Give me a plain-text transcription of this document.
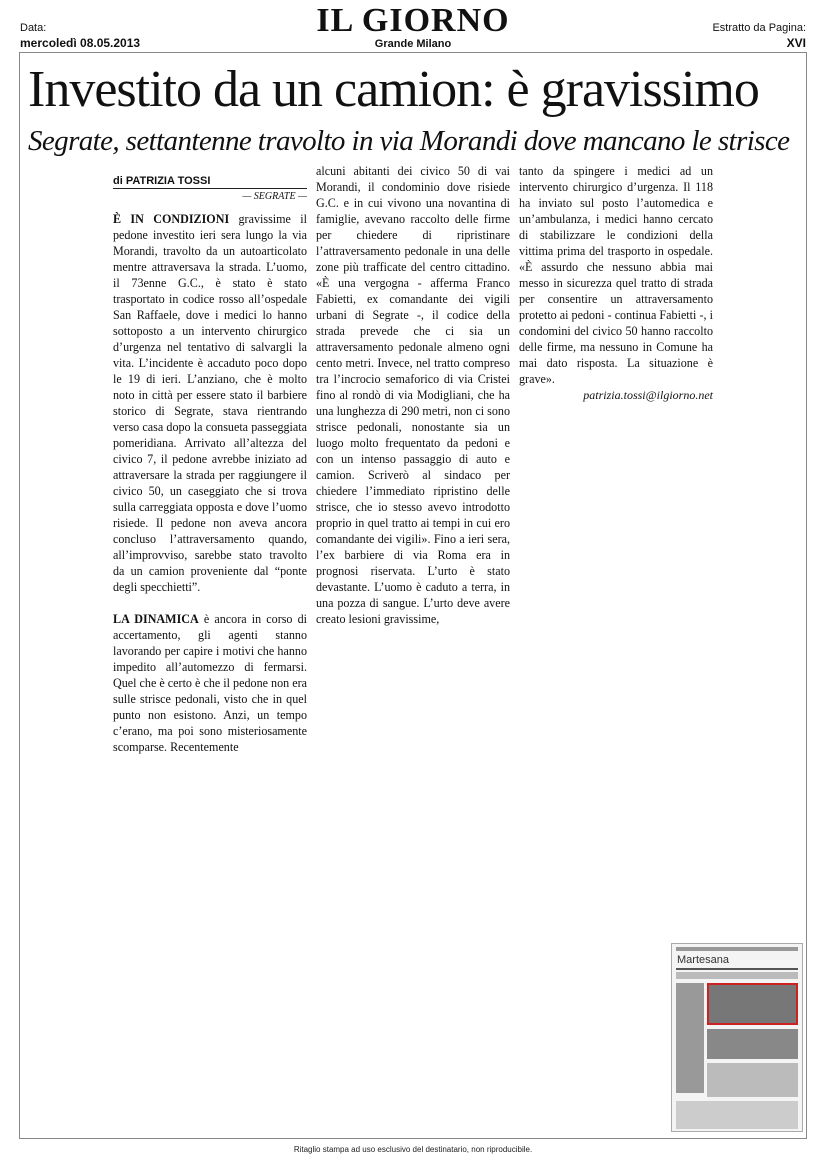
Data:
mercoledì 08.05.2013
IL GIORNO
Grande Milano
Estratto da Pagina:
XVI
Investito da un camion: è gravissimo
Segrate, settantenne travolto in via Morandi dove mancano le strisce
di PATRIZIA TOSSI
— SEGRATE —

È IN CONDIZIONI gravissime il pedone investito ieri sera lungo la via Morandi, travolto da un autoarticolato mentre attraversava la strada. L’uomo, il 73enne G.C., è stato è stato trasportato in codice rosso all’ospedale San Raffaele, dove i medici lo hanno sottoposto a un intervento chirurgico d’urgenza nel tentativo di salvargli la vita. L’incidente è accaduto poco dopo le 19 di ieri. L’anziano, che è molto noto in città per essere stato il barbiere storico di Segrate, stava rientrando verso casa dopo la consueta passeggiata pomeridiana. Arrivato all’altezza del civico 7, il pedone avrebbe iniziato ad attraversare la strada per raggiungere il civico 50, un caseggiato che si trova sulla carreggiata opposta e dove l’uomo risiede. Il pedone non aveva ancora concluso l’attraversamento quando, all’improvviso, sarebbe stato travolto da un camion proveniente dal “ponte degli specchietti”.

LA DINAMICA è ancora in corso di accertamento, gli agenti stanno lavorando per capire i motivi che hanno impedito all’automezzo di fermarsi. Quel che è certo è che il pedone non era sulle strisce pedonali, visto che in quel punto non esistono. Anzi, un tempo c’erano, ma poi sono misteriosamente scomparse. Recentemente

alcuni abitanti dei civico 50 di vai Morandi, il condominio dove risiede G.C. e in cui vivono una novantina di famiglie, avevano raccolto delle firme per chiedere di ripristinare l’attraversamento pedonale in una delle zone più trafficate del centro cittadino. «È una vergogna - afferma Franco Fabietti, ex comandante dei vigili urbani di Segrate -, il codice della strada prevede che ci sia un attraversamento pedonale almeno ogni cento metri. Invece, nel tratto compreso tra l’incrocio semaforico di via Cristei fino al rondò di via Modigliani, che ha una lunghezza di 290 metri, non ci sono strisce pedonali, nonostante sia un luogo molto frequentato da pedoni e con un intenso passaggio di auto e camion. Scriverò al sindaco per chiedere l’immediato ripristino delle strisce, che io stesso avevo introdotto proprio in quel tratto ai tempi in cui ero comandante dei vigili». Fino a ieri sera, l’ex barbiere di via Roma era in prognosi riservata. L’urto è stato devastante. L’uomo è caduto a terra, in una pozza di sangue. L’urto deve avere creato lesioni gravissime,

tanto da spingere i medici ad un intervento chirurgico d’urgenza. Il 118 ha inviato sul posto l’automedica e un’ambulanza, i medici hanno cercato di stabilizzare le condizioni della vittima prima del trasporto in ospedale. «È assurdo che nessuno abbia mai messo in sicurezza quel tratto di strada per consentire un attraversamento protetto ai pedoni - continua Fabietti -, i condomini del civico 50 hanno raccolto delle firme, ma nessuno in Comune ha mai dato risposta. La situazione è grave».

patrizia.tossi@ilgiorno.net

Martesana
Ritaglio stampa ad uso esclusivo del destinatario, non riproducibile.
